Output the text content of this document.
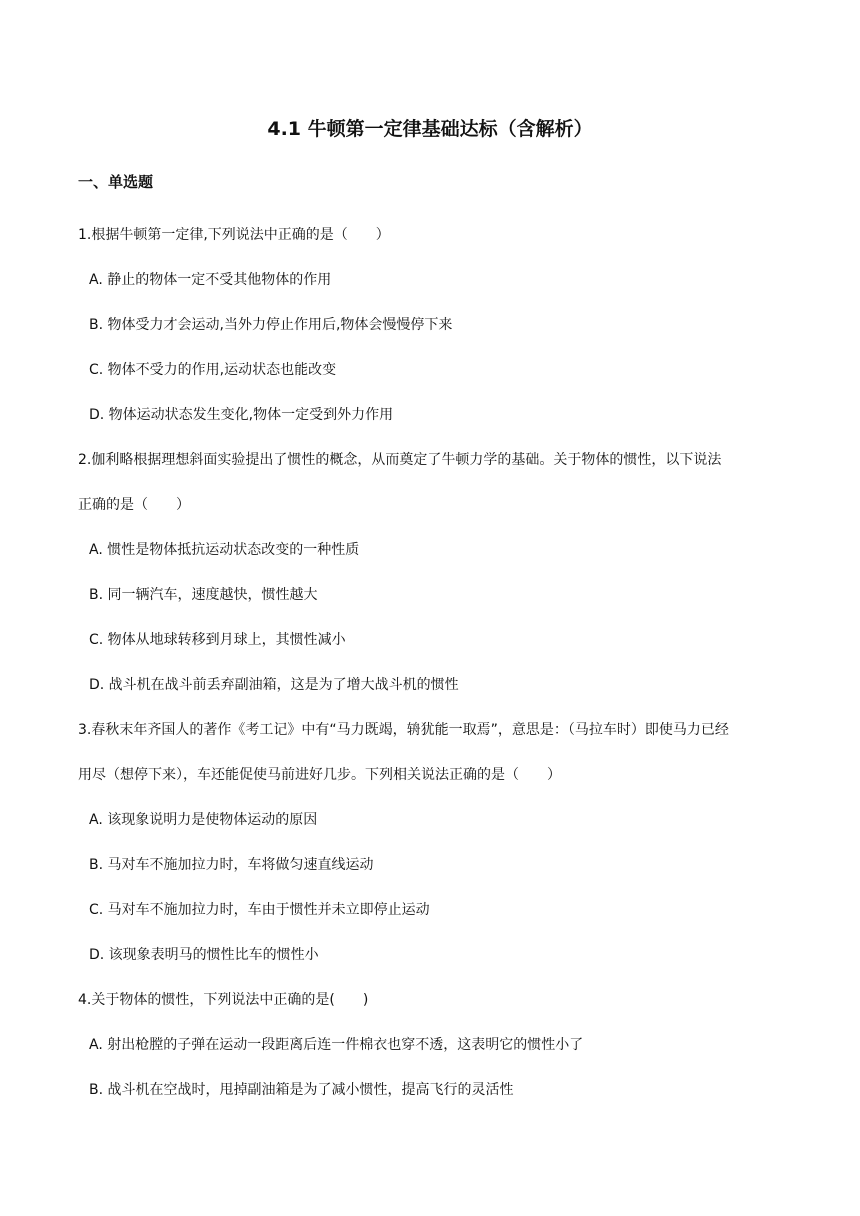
4.1 牛顿第一定律基础达标（含解析）
一、单选题

1.根据牛顿第一定律,下列说法中正确的是（　　）

A. 静止的物体一定不受其他物体的作用

B. 物体受力才会运动,当外力停止作用后,物体会慢慢停下来

C. 物体不受力的作用,运动状态也能改变

D. 物体运动状态发生变化,物体一定受到外力作用

2.伽利略根据理想斜面实验提出了惯性的概念，从而奠定了牛顿力学的基础。关于物体的惯性，以下说法

正确的是（　　）

A. 惯性是物体抵抗运动状态改变的一种性质

B. 同一辆汽车，速度越快，惯性越大

C. 物体从地球转移到月球上，其惯性减小

D. 战斗机在战斗前丢弃副油箱，这是为了增大战斗机的惯性

3.春秋末年齐国人的著作《考工记》中有“马力既竭，辀犹能一取焉”，意思是：（马拉车时）即使马力已经

用尽（想停下来），车还能促使马前进好几步。下列相关说法正确的是（　　）

A. 该现象说明力是使物体运动的原因

B. 马对车不施加拉力时，车将做匀速直线运动

C. 马对车不施加拉力时，车由于惯性并未立即停止运动

D. 该现象表明马的惯性比车的惯性小

4.关于物体的惯性，下列说法中正确的是(　　)

A. 射出枪膛的子弹在运动一段距离后连一件棉衣也穿不透，这表明它的惯性小了

B. 战斗机在空战时，甩掉副油箱是为了减小惯性，提高飞行的灵活性
